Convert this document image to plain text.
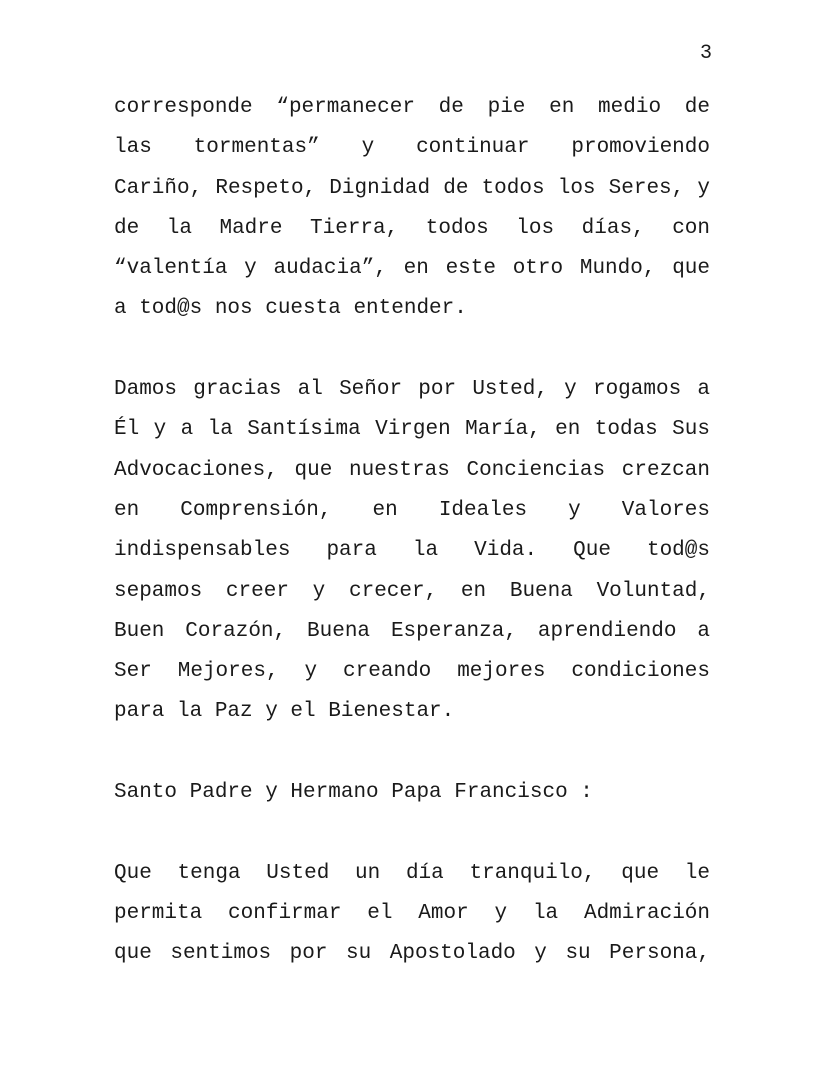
3
corresponde “permanecer de pie en medio de
las tormentas” y continuar promoviendo
Cariño, Respeto, Dignidad de todos los Seres, y
de la Madre Tierra, todos los días, con
“valentía y audacia”, en este otro Mundo, que
a tod@s nos cuesta entender.
Damos gracias al Señor por Usted, y rogamos a
Él y a la Santísima Virgen María, en todas Sus
Advocaciones, que nuestras Conciencias crezcan
en Comprensión, en Ideales y Valores
indispensables para la Vida. Que tod@s
sepamos creer y crecer, en Buena Voluntad,
Buen Corazón, Buena Esperanza, aprendiendo a
Ser Mejores, y creando mejores condiciones
para la Paz y el Bienestar.
Santo Padre y Hermano Papa Francisco :
Que tenga Usted un día tranquilo, que le
permita confirmar el Amor y la Admiración
que sentimos por su Apostolado y su Persona,
